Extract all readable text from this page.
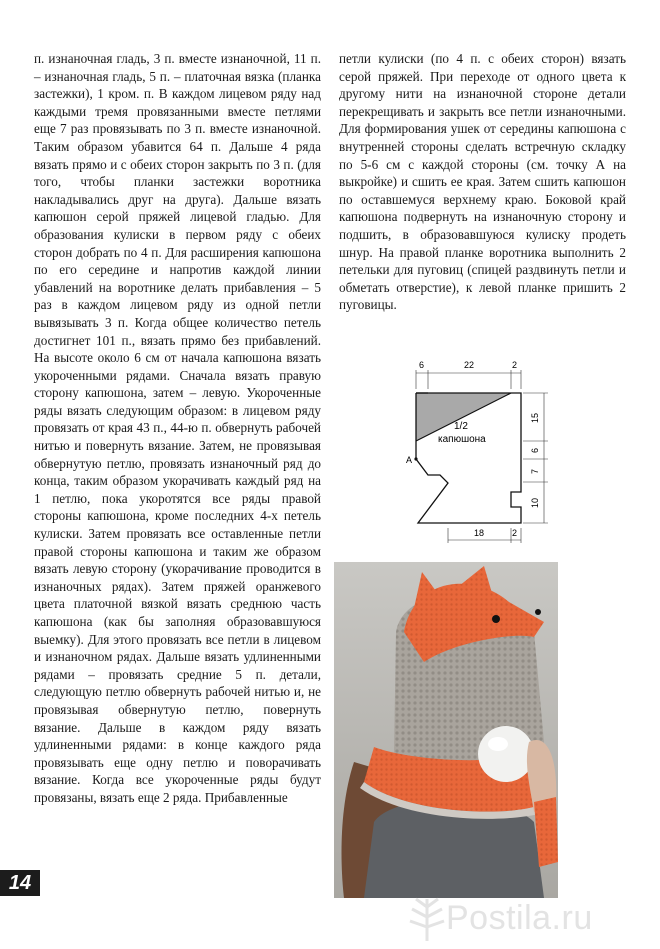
п. изнаночная гладь, 3 п. вместе изнаночной, 11 п. – изнаночная гладь, 5 п. – платочная вязка (планка застежки), 1 кром. п. В каждом лицевом ряду над каждыми тремя провязанными вместе петлями еще 7 раз провязывать по 3 п. вместе изнаночной. Таким образом убавится 64 п. Дальше 4 ряда вязать прямо и с обеих сторон закрыть по 3 п. (для того, чтобы планки застежки воротника накладывались друг на друга). Дальше вязать капюшон серой пряжей лицевой гладью. Для образования кулиски в первом ряду с обеих сторон добрать по 4 п. Для расширения капюшона по его середине и напротив каждой линии убавлений на воротнике делать прибавления – 5 раз в каждом лицевом ряду из одной петли вывязывать 3 п. Когда общее количество петель достигнет 101 п., вязать прямо без прибавлений. На высоте около 6 см от начала капюшона вязать укороченными рядами. Сначала вязать правую сторону капюшона, затем – левую. Укороченные ряды вязать следующим образом: в лицевом ряду провязать от края 43 п., 44-ю п. обвернуть рабочей нитью и повернуть вязание. Затем, не провязывая обвернутую петлю, провязать изнаночный ряд до конца, таким образом укорачивать каждый ряд на 1 петлю, пока укоротятся все ряды правой стороны капюшона, кроме последних 4-х петель кулиски. Затем провязать все оставленные петли правой стороны капюшона и таким же образом вязать левую сторону (укорачивание проводится в изнаночных рядах). Затем пряжей оранжевого цвета платочной вязкой вязать среднюю часть капюшона (как бы заполняя образовавшуюся выемку). Для этого провязать все петли в лицевом и изнаночном рядах. Дальше вязать удлиненными рядами – провязать средние 5 п. детали, следующую петлю обвернуть рабочей нитью и, не провязывая обвернутую петлю, повернуть вязание. Дальше в каждом ряду вязать удлиненными рядами: в конце каждого ряда провязывать еще одну петлю и поворачивать вязание. Когда все укороченные ряды будут провязаны, вязать еще 2 ряда. Прибавленные

петли кулиски (по 4 п. с обеих сторон) вязать серой пряжей. При переходе от одного цвета к другому нити на изнаночной стороне детали перекрещивать и закрыть все петли изнаночными. Для формирования ушек от середины капюшона с внутренней стороны сделать встречную складку по 5-6 см с каждой стороны (см. точку А на выкройке) и сшить ее края. Затем сшить капюшон по оставшемуся верхнему краю. Боковой край капюшона подвернуть на изнаночную сторону и подшить, в образовавшуюся кулиску продеть шнур. На правой планке воротника выполнить 2 петельки для пуговиц (спицей раздвинуть петли и обметать отверстие), к левой планке пришить 2 пуговицы.

6	22	2
15
6
7
10
18	2
1/2
капюшона
A
14
Postila.ru
